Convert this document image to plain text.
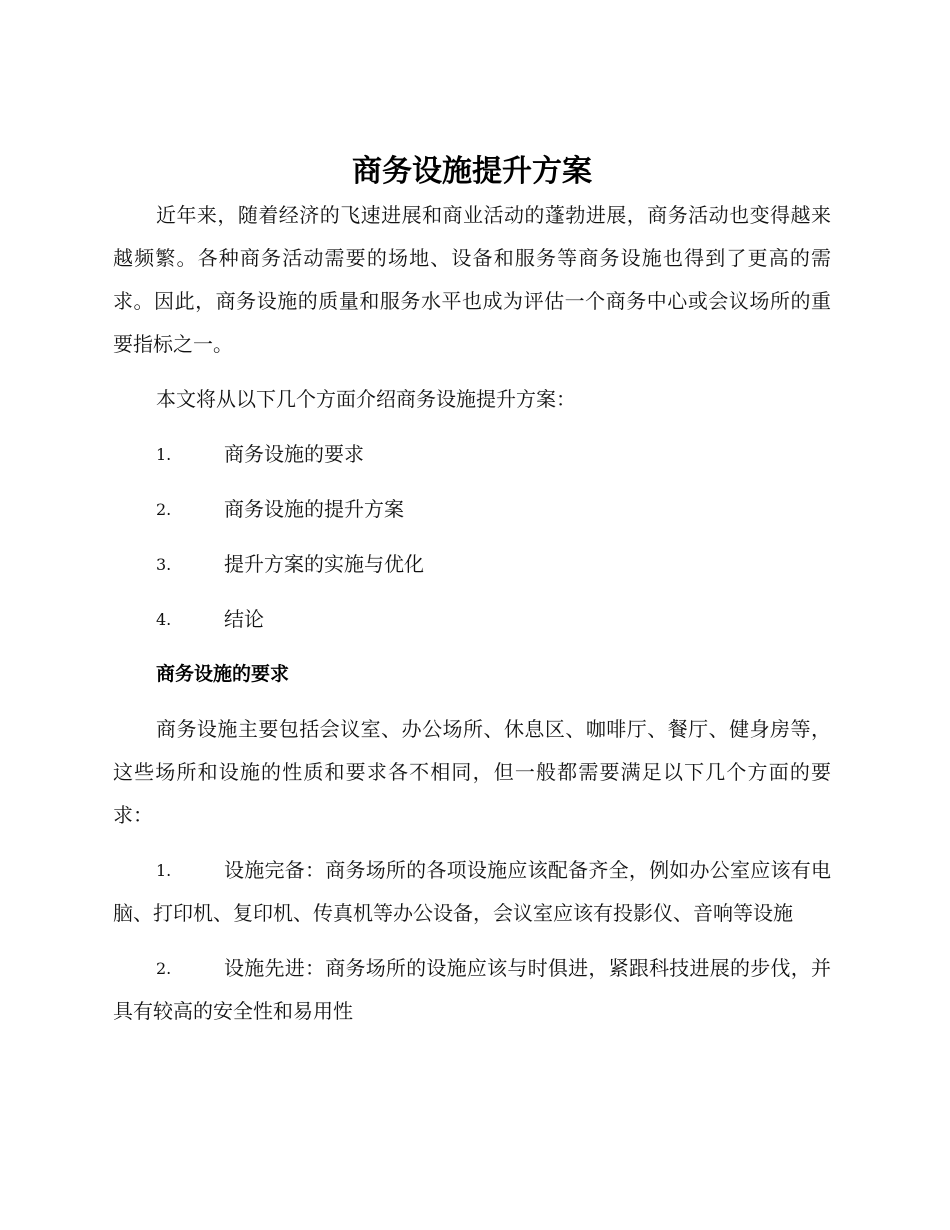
商务设施提升方案

近年来，随着经济的飞速进展和商业活动的蓬勃进展，商务活动也变得越来越频繁。各种商务活动需要的场地、设备和服务等商务设施也得到了更高的需求。因此，商务设施的质量和服务水平也成为评估一个商务中心或会议场所的重要指标之一。

本文将从以下几个方面介绍商务设施提升方案：

1.	商务设施的要求
2.	商务设施的提升方案
3.	提升方案的实施与优化
4.	结论
商务设施的要求

商务设施主要包括会议室、办公场所、休息区、咖啡厅、餐厅、健身房等，这些场所和设施的性质和要求各不相同，但一般都需要满足以下几个方面的要求：

1.	设施完备：商务场所的各项设施应该配备齐全，例如办公室应该有电脑、打印机、复印机、传真机等办公设备，会议室应该有投影仪、音响等设施
2.	设施先进：商务场所的设施应该与时俱进，紧跟科技进展的步伐，并具有较高的安全性和易用性
